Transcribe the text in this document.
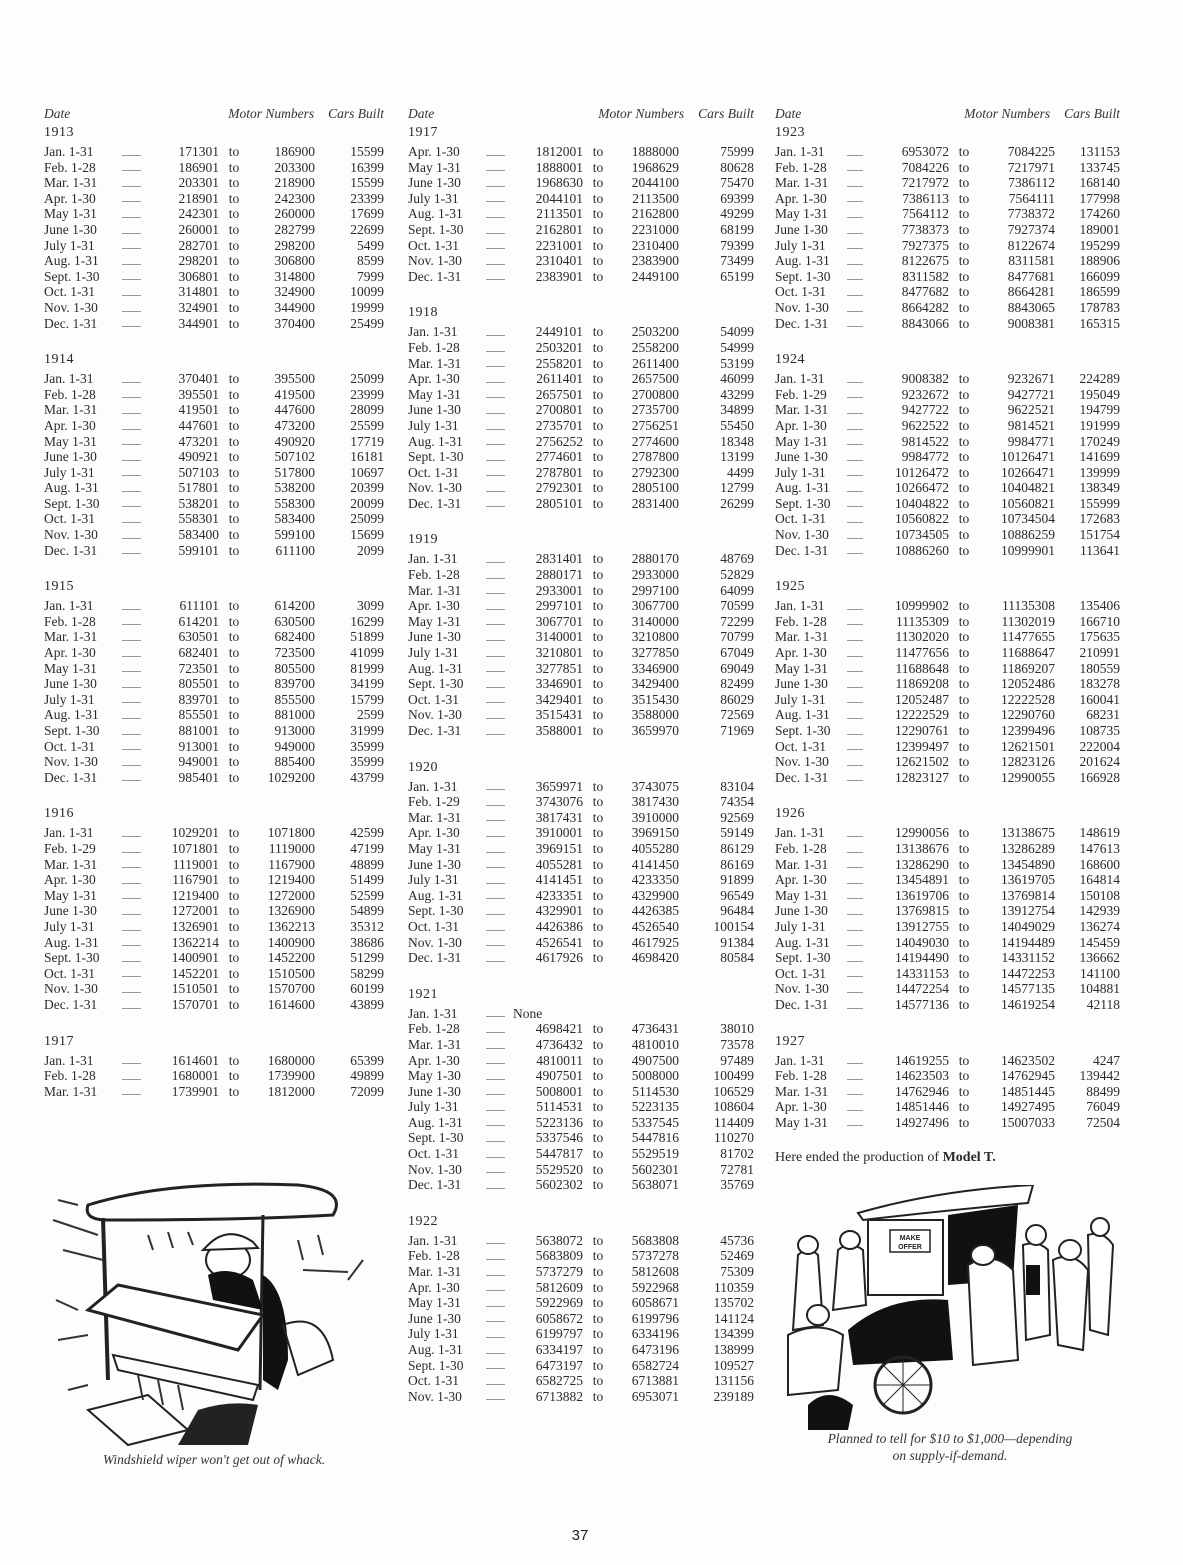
Date	Motor Numbers	Cars Built
1913
Jan. 1-31	171301 to	186900	15599
Feb. 1-28	186901 to	203300	16399
Mar. 1-31	203301 to	218900	15599
Apr. 1-30	218901 to	242300	23399
May 1-31	242301 to	260000	17699
June 1-30	260001 to	282799	22699
July 1-31	282701 to	298200	5499
Aug. 1-31	298201 to	306800	8599
Sept. 1-30	306801 to	314800	7999
Oct. 1-31	314801 to	324900	10099
Nov. 1-30	324901 to	344900	19999
Dec. 1-31	344901 to	370400	25499
1914
Jan. 1-31	370401 to	395500	25099
Feb. 1-28	395501 to	419500	23999
Mar. 1-31	419501 to	447600	28099
Apr. 1-30	447601 to	473200	25599
May 1-31	473201 to	490920	17719
June 1-30	490921 to	507102	16181
July 1-31	507103 to	517800	10697
Aug. 1-31	517801 to	538200	20399
Sept. 1-30	538201 to	558300	20099
Oct. 1-31	558301 to	583400	25099
Nov. 1-30	583400 to	599100	15699
Dec. 1-31	599101 to	611100	2099
1915
Jan. 1-31	611101 to	614200	3099
Feb. 1-28	614201 to	630500	16299
Mar. 1-31	630501 to	682400	51899
Apr. 1-30	682401 to	723500	41099
May 1-31	723501 to	805500	81999
June 1-30	805501 to	839700	34199
July 1-31	839701 to	855500	15799
Aug. 1-31	855501 to	881000	2599
Sept. 1-30	881001 to	913000	31999
Oct. 1-31	913001 to	949000	35999
Nov. 1-30	949001 to	885400	35999
Dec. 1-31	985401 to	1029200	43799
1916
Jan. 1-31	1029201 to	1071800	42599
Feb. 1-29	1071801 to	1119000	47199
Mar. 1-31	1119001 to	1167900	48899
Apr. 1-30	1167901 to	1219400	51499
May 1-31	1219400 to	1272000	52599
June 1-30	1272001 to	1326900	54899
July 1-31	1326901 to	1362213	35312
Aug. 1-31	1362214 to	1400900	38686
Sept. 1-30	1400901 to	1452200	51299
Oct. 1-31	1452201 to	1510500	58299
Nov. 1-30	1510501 to	1570700	60199
Dec. 1-31	1570701 to	1614600	43899
1917
Jan. 1-31	1614601 to	1680000	65399
Feb. 1-28	1680001 to	1739900	49899
Mar. 1-31	1739901 to	1812000	72099
Date	Motor Numbers	Cars Built
1917
Apr. 1-30	1812001 to	1888000	75999
May 1-31	1888001 to	1968629	80628
June 1-30	1968630 to	2044100	75470
July 1-31	2044101 to	2113500	69399
Aug. 1-31	2113501 to	2162800	49299
Sept. 1-30	2162801 to	2231000	68199
Oct. 1-31	2231001 to	2310400	79399
Nov. 1-30	2310401 to	2383900	73499
Dec. 1-31	2383901 to	2449100	65199
1918
Jan. 1-31	2449101 to	2503200	54099
Feb. 1-28	2503201 to	2558200	54999
Mar. 1-31	2558201 to	2611400	53199
Apr. 1-30	2611401 to	2657500	46099
May 1-31	2657501 to	2700800	43299
June 1-30	2700801 to	2735700	34899
July 1-31	2735701 to	2756251	55450
Aug. 1-31	2756252 to	2774600	18348
Sept. 1-30	2774601 to	2787800	13199
Oct. 1-31	2787801 to	2792300	4499
Nov. 1-30	2792301 to	2805100	12799
Dec. 1-31	2805101 to	2831400	26299
1919
Jan. 1-31	2831401 to	2880170	48769
Feb. 1-28	2880171 to	2933000	52829
Mar. 1-31	2933001 to	2997100	64099
Apr. 1-30	2997101 to	3067700	70599
May 1-31	3067701 to	3140000	72299
June 1-30	3140001 to	3210800	70799
July 1-31	3210801 to	3277850	67049
Aug. 1-31	3277851 to	3346900	69049
Sept. 1-30	3346901 to	3429400	82499
Oct. 1-31	3429401 to	3515430	86029
Nov. 1-30	3515431 to	3588000	72569
Dec. 1-31	3588001 to	3659970	71969
1920
Jan. 1-31	3659971 to	3743075	83104
Feb. 1-29	3743076 to	3817430	74354
Mar. 1-31	3817431 to	3910000	92569
Apr. 1-30	3910001 to	3969150	59149
May 1-31	3969151 to	4055280	86129
June 1-30	4055281 to	4141450	86169
July 1-31	4141451 to	4233350	91899
Aug. 1-31	4233351 to	4329900	96549
Sept. 1-30	4329901 to	4426385	96484
Oct. 1-31	4426386 to	4526540	100154
Nov. 1-30	4526541 to	4617925	91384
Dec. 1-31	4617926 to	4698420	80584
1921
Jan. 1-31	None
Feb. 1-28	4698421 to	4736431	38010
Mar. 1-31	4736432 to	4810010	73578
Apr. 1-30	4810011 to	4907500	97489
May 1-30	4907501 to	5008000	100499
June 1-30	5008001 to	5114530	106529
July 1-31	5114531 to	5223135	108604
Aug. 1-31	5223136 to	5337545	114409
Sept. 1-30	5337546 to	5447816	110270
Oct. 1-31	5447817 to	5529519	81702
Nov. 1-30	5529520 to	5602301	72781
Dec. 1-31	5602302 to	5638071	35769
1922
Jan. 1-31	5638072 to	5683808	45736
Feb. 1-28	5683809 to	5737278	52469
Mar. 1-31	5737279 to	5812608	75309
Apr. 1-30	5812609 to	5922968	110359
May 1-31	5922969 to	6058671	135702
June 1-30	6058672 to	6199796	141124
July 1-31	6199797 to	6334196	134399
Aug. 1-31	6334197 to	6473196	138999
Sept. 1-30	6473197 to	6582724	109527
Oct. 1-31	6582725 to	6713881	131156
Nov. 1-30	6713882 to	6953071	239189
Date	Motor Numbers	Cars Built
1923
Jan. 1-31	6953072 to	7084225	131153
Feb. 1-28	7084226 to	7217971	133745
Mar. 1-31	7217972 to	7386112	168140
Apr. 1-30	7386113 to	7564111	177998
May 1-31	7564112 to	7738372	174260
June 1-30	7738373 to	7927374	189001
July 1-31	7927375 to	8122674	195299
Aug. 1-31	8122675 to	8311581	188906
Sept. 1-30	8311582 to	8477681	166099
Oct. 1-31	8477682 to	8664281	186599
Nov. 1-30	8664282 to	8843065	178783
Dec. 1-31	8843066 to	9008381	165315
1924
Jan. 1-31	9008382 to	9232671	224289
Feb. 1-29	9232672 to	9427721	195049
Mar. 1-31	9427722 to	9622521	194799
Apr. 1-30	9622522 to	9814521	191999
May 1-31	9814522 to	9984771	170249
June 1-30	9984772 to	10126471	141699
July 1-31	10126472 to	10266471	139999
Aug. 1-31	10266472 to	10404821	138349
Sept. 1-30	10404822 to	10560821	155999
Oct. 1-31	10560822 to	10734504	172683
Nov. 1-30	10734505 to	10886259	151754
Dec. 1-31	10886260 to	10999901	113641
1925
Jan. 1-31	10999902 to	11135308	135406
Feb. 1-28	11135309 to	11302019	166710
Mar. 1-31	11302020 to	11477655	175635
Apr. 1-30	11477656 to	11688647	210991
May 1-31	11688648 to	11869207	180559
June 1-30	11869208 to	12052486	183278
July 1-31	12052487 to	12222528	160041
Aug. 1-31	12222529 to	12290760	68231
Sept. 1-30	12290761 to	12399496	108735
Oct. 1-31	12399497 to	12621501	222004
Nov. 1-30	12621502 to	12823126	201624
Dec. 1-31	12823127 to	12990055	166928
1926
Jan. 1-31	12990056 to	13138675	148619
Feb. 1-28	13138676 to	13286289	147613
Mar. 1-31	13286290 to	13454890	168600
Apr. 1-30	13454891 to	13619705	164814
May 1-31	13619706 to	13769814	150108
June 1-30	13769815 to	13912754	142939
July 1-31	13912755 to	14049029	136274
Aug. 1-31	14049030 to	14194489	145459
Sept. 1-30	14194490 to	14331152	136662
Oct. 1-31	14331153 to	14472253	141100
Nov. 1-30	14472254 to	14577135	104881
Dec. 1-31	14577136 to	14619254	42118
1927
Jan. 1-31	14619255 to	14623502	4247
Feb. 1-28	14623503 to	14762945	139442
Mar. 1-31	14762946 to	14851445	88499
Apr. 1-30	14851446 to	14927495	76049
May 1-31	14927496 to	15007033	72504
Here ended the production of Model T.
Windshield wiper won't get out of whack.
MAKE
OFFER
Planned to tell for $10 to $1,000—depending
on supply-if-demand.
37
